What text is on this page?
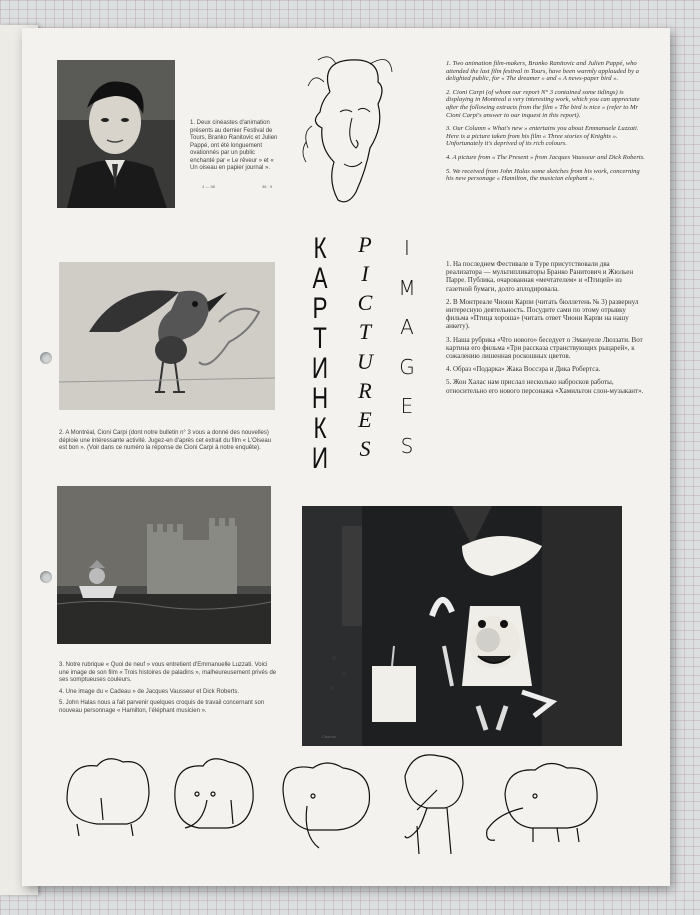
1. Deux cinéastes d'animation présents au dernier Festival de Tours, Branko Ranitovic et Julien Pappé, ont été longuement ovationnés par un public enchanté par « Le rêveur » et « Un oiseau en papier journal ».

4 — 98	36 · 9

1. Two animation film-makers, Branko Ranitovic and Julien Pappé, who attended the last film festival in Tours, have been warmly applauded by a delighted public, for « The dreamer » and « A news-paper bird ».

2. Cioni Carpi (of whom our report N° 3 contained some tidings) is displaying in Montreal a very interesting work, which you can appreciate after the following extracts from the film « The bird is nice » (refer to Mr Cioni Carpi's answer to our inquest in this report).

3. Our Column « What's new » entertains you about Emmanuele Luzzati. Here is a picture taken from his film « Three stories of Knights ». Unfortunately it's deprived of its rich colours.

4. A picture from « The Present » from Jacques Vausseur and Dick Roberts.

5. We received from John Halas some sketches from his work, concerning his new personage « Hamilton, the musician elephant ».

К
А
Р
Т
И
Н
К
И
P
I
C
T
U
R
E
S
I
M
A
G
E
S

1. На последнем Фестивале в Туре присутствовали два реализатора — мультипликаторы Бранко Ранитович и Жюльен Парре. Публика, очарованная «мечтателем» и «Птицей» из газетной бумаги, долго аплодировала.

2. В Монтреале Чиони Карпи (читать бюллетень № 3) развернул интересную деятельность. Посудите сами по этому отрывку фильма «Птица хороша» (читать ответ Чиони Карпи на нашу анкету).

3. Наша рубрика «Что нового» беседует о Эмануеле Люззати. Вот картина его фильма «Три рассказа странствующих рыцарей», к сожалению лишенная роскошных цветов.

4. Образ «Подарка» Жака Воссэра и Дика Робертса.

5. Жон Халас нам прислал несколько набросков работы, относительно его нового персонажа «Хамильтон слон-музыкант».

2. A Montréal, Cioni Carpi (dont notre bulletin n° 3 vous a donné des nouvelles) déploie une intéressante activité. Jugez-en d'après cet extrait du film « L'Oiseau est bon ». (Voir dans ce numéro la réponse de Cioni Carpi à notre enquête).

3. Notre rubrique « Quoi de neuf » vous entretient d'Emmanuelle Luzzati. Voici une image de son film « Trois histoires de paladins », malheureusement privés de ses somptueuses couleurs.

4. Une image du « Cadeau » de Jacques Vausseur et Dick Roberts.

5. John Halas nous a fait parvenir quelques croquis de travail concernant son nouveau personnage « Hamilton, l'éléphant musicien ».

Cadeau
